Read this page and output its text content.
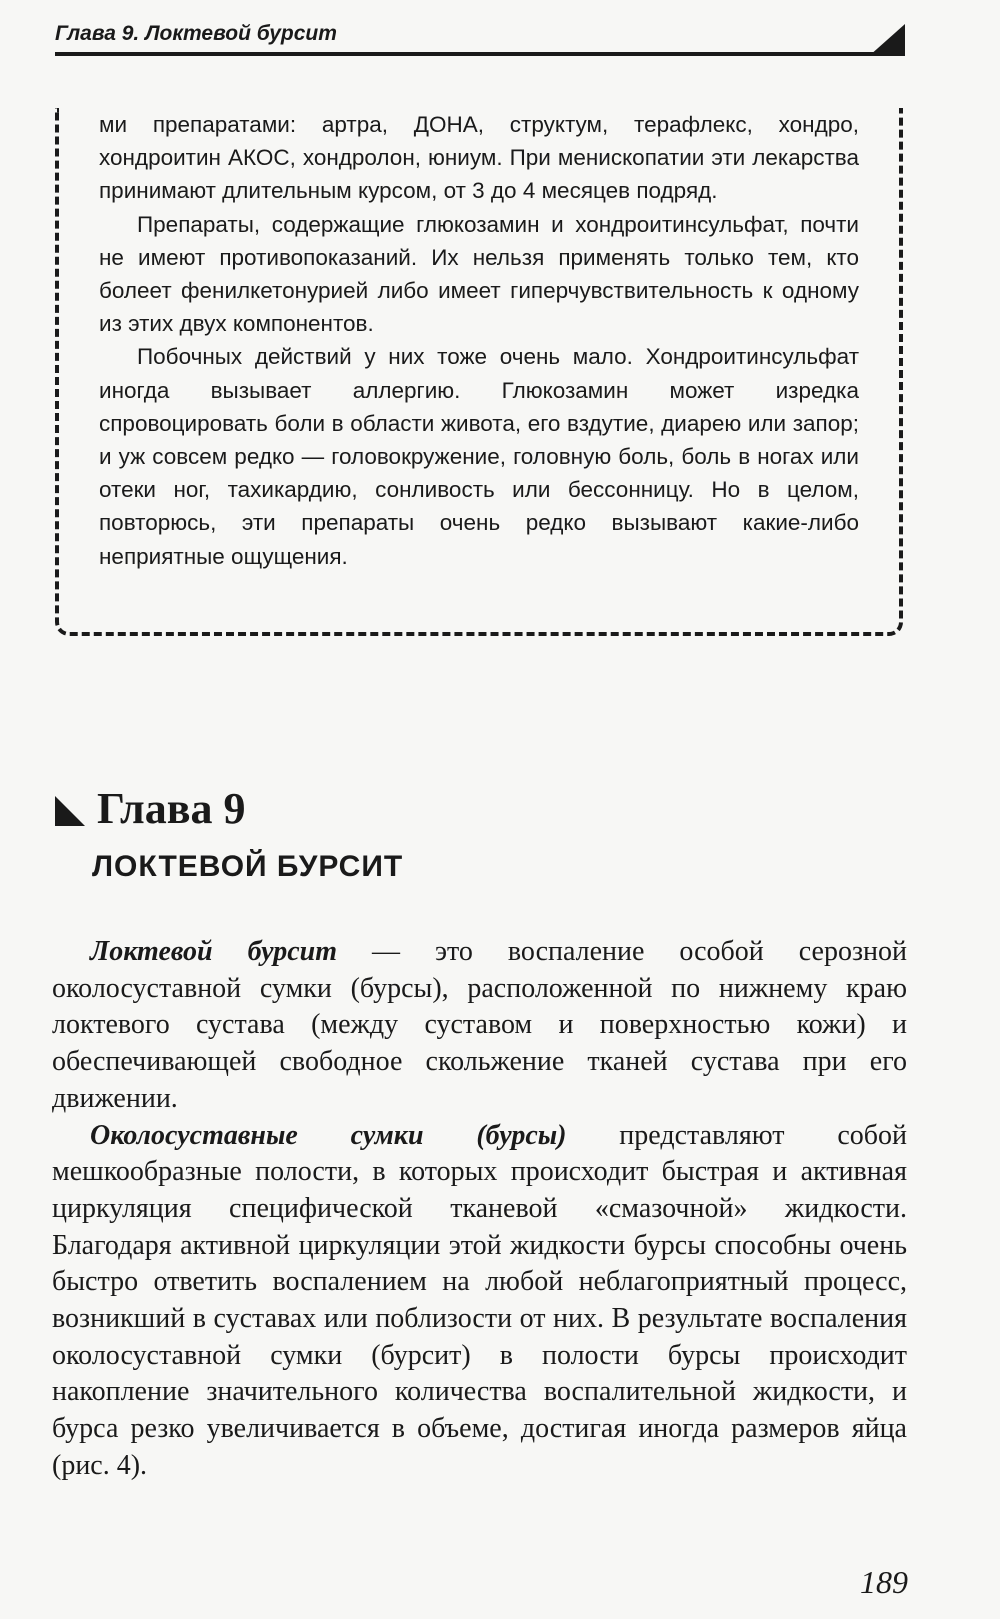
Глава 9. Локтевой бурсит

ми препаратами: артра, ДОНА, структум, терафлекс, хондро, хондроитин АКОС, хондролон, юниум. При менископатии эти лекарства принимают длительным курсом, от 3 до 4 месяцев подряд.

Препараты, содержащие глюкозамин и хондроитинсульфат, почти не имеют противопоказаний. Их нельзя применять только тем, кто болеет фенилкетонурией либо имеет гиперчувствительность к одному из этих двух компонентов.

Побочных действий у них тоже очень мало. Хондроитинсульфат иногда вызывает аллергию. Глюкозамин может изредка спровоцировать боли в области живота, его вздутие, диарею или запор; и уж совсем редко — головокружение, головную боль, боль в ногах или отеки ног, тахикардию, сонливость или бессонницу. Но в целом, повторюсь, эти препараты очень редко вызывают какие-либо неприятные ощущения.

Глава 9
ЛОКТЕВОЙ БУРСИТ

Локтевой бурсит — это воспаление особой серозной околосуставной сумки (бурсы), расположенной по нижнему краю локтевого сустава (между суставом и поверхностью кожи) и обеспечивающей свободное скольжение тканей сустава при его движении.

Околосуставные сумки (бурсы) представляют собой мешкообразные полости, в которых происходит быстрая и активная циркуляция специфической тканевой «смазочной» жидкости. Благодаря активной циркуляции этой жидкости бурсы способны очень быстро ответить воспалением на любой неблагоприятный процесс, возникший в суставах или поблизости от них. В результате воспаления околосуставной сумки (бурсит) в полости бурсы происходит накопление значительного количества воспалительной жидкости, и бурса резко увеличивается в объеме, достигая иногда размеров яйца (рис. 4).

189
